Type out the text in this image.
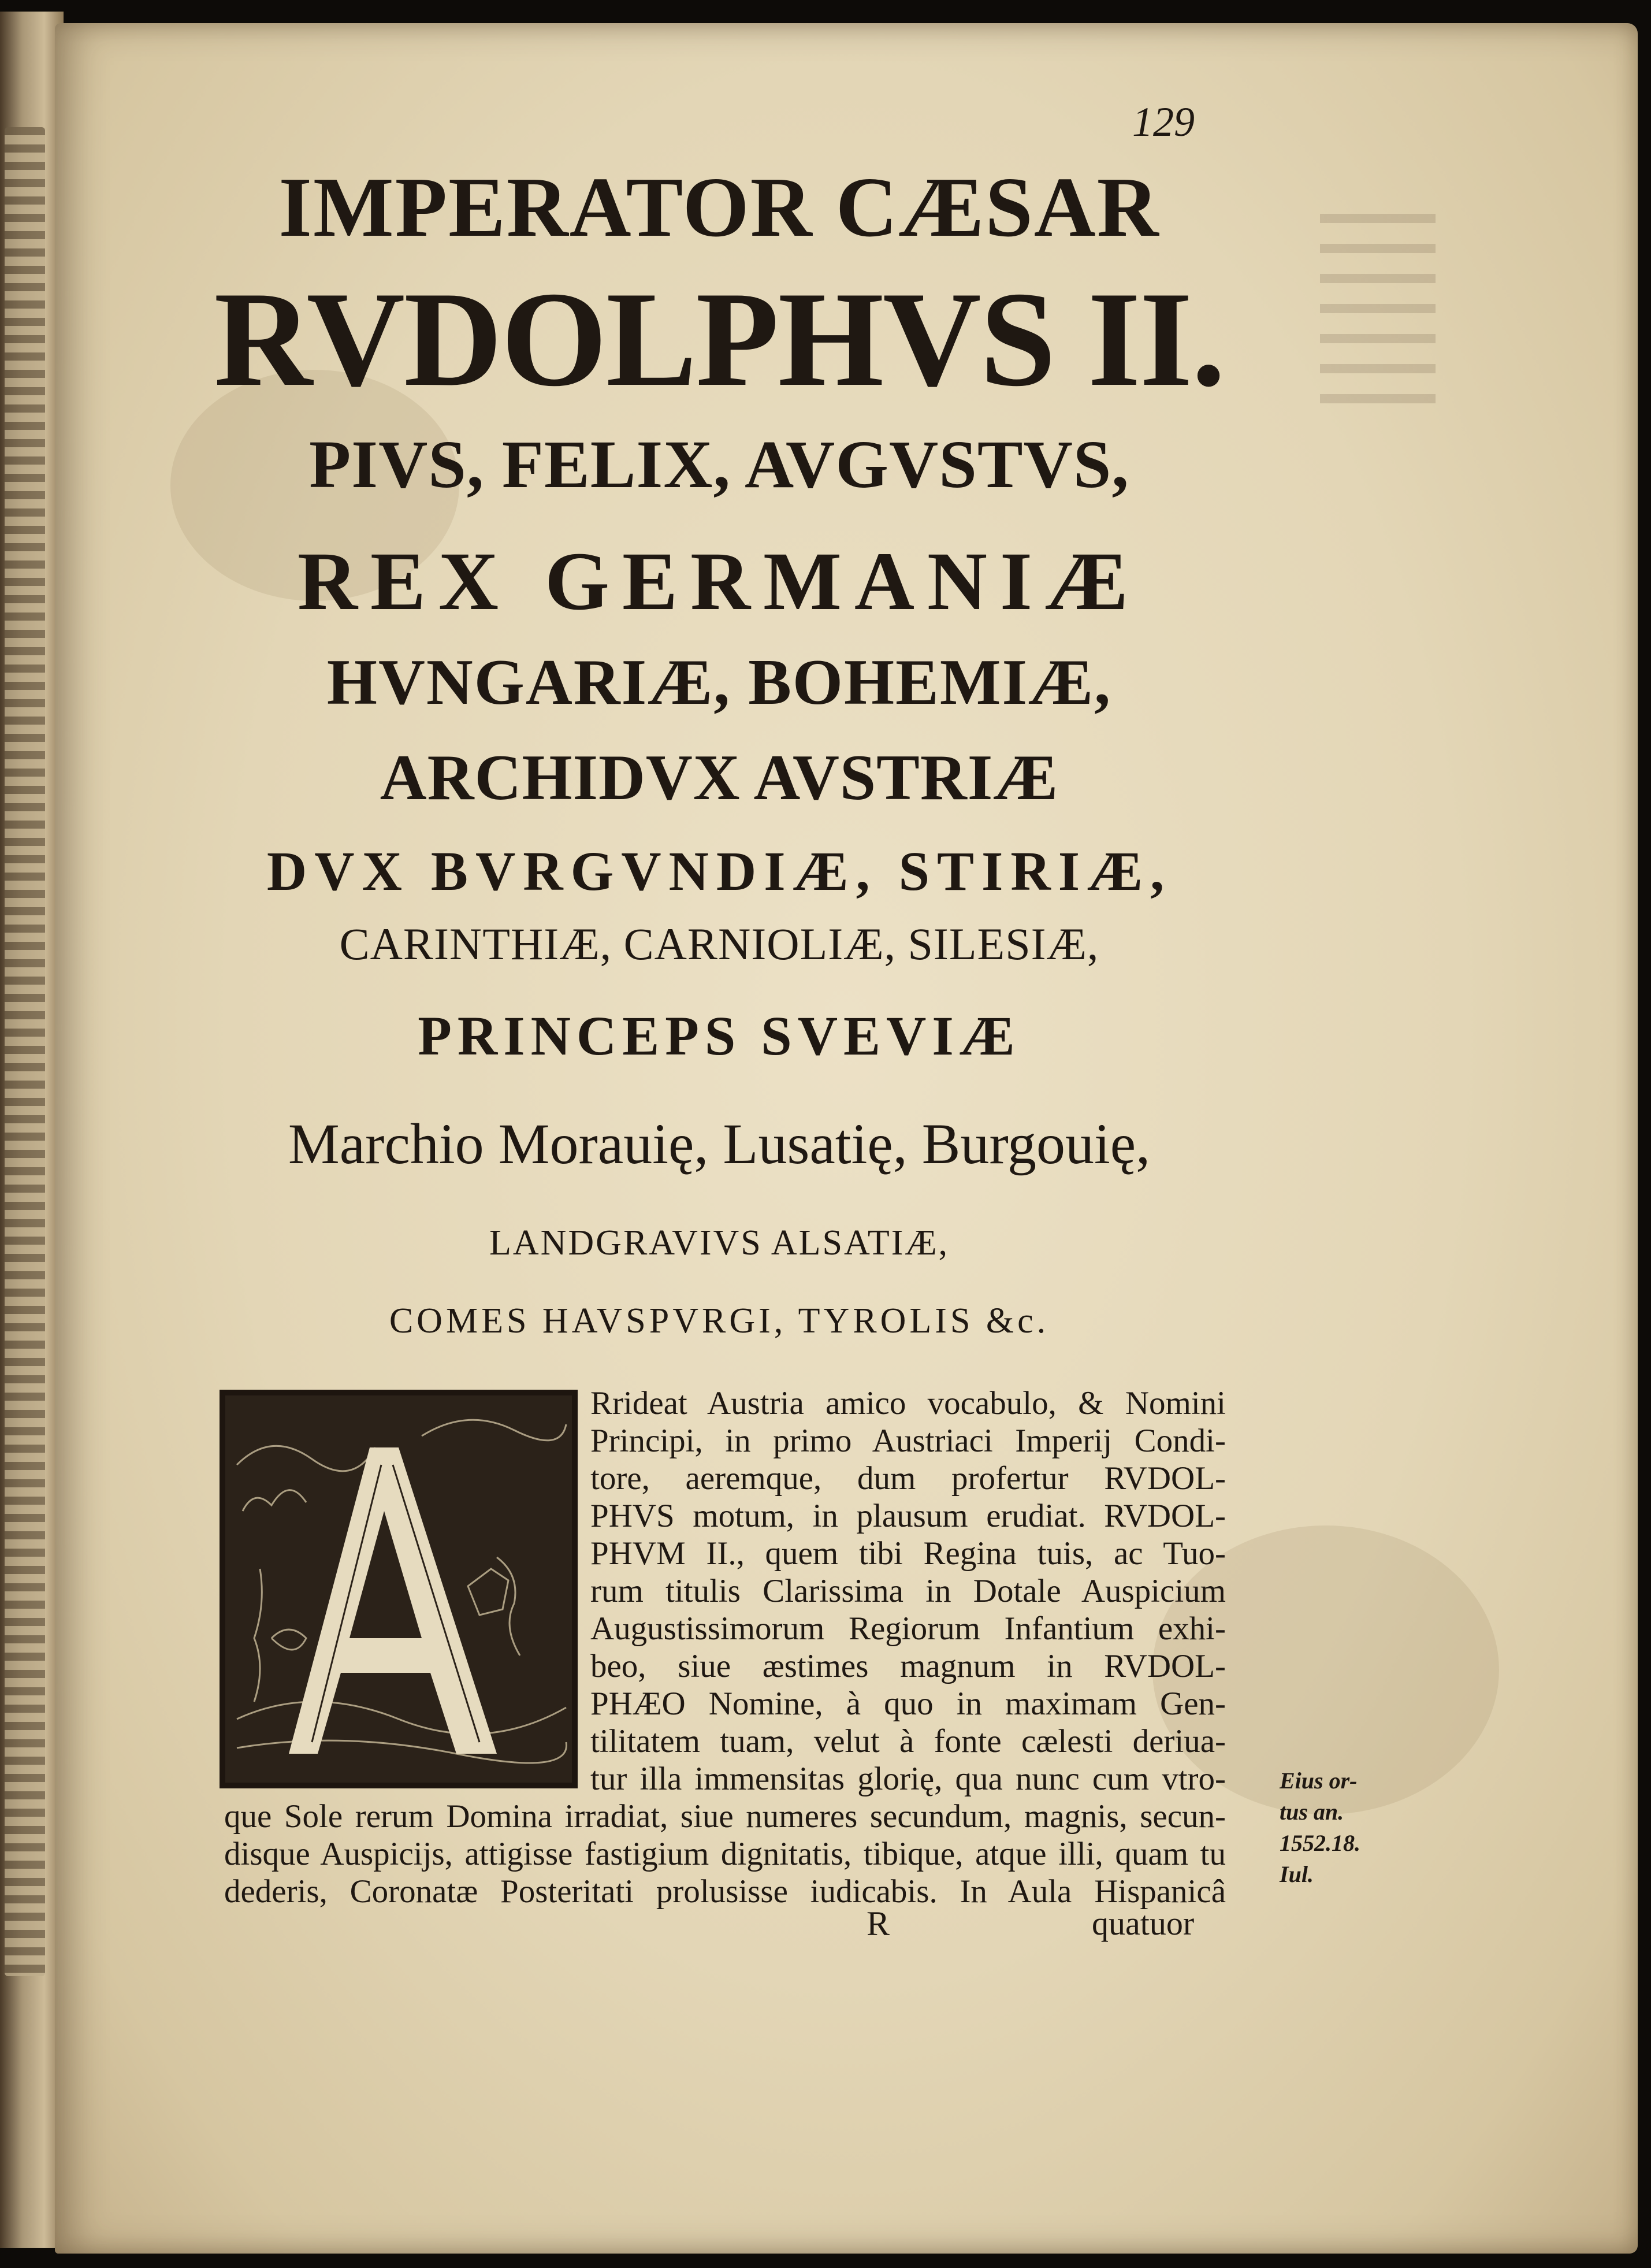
129
IMPERATOR CÆSAR
RVDOLPHVS II.
PIVS, FELIX, AVGVSTVS,
REX GERMANIÆ
HVNGARIÆ, BOHEMIÆ,
ARCHIDVX AVSTRIÆ
DVX BVRGVNDIÆ, STIRIÆ,
CARINTHIÆ, CARNIOLIÆ, SILESIÆ,
PRINCEPS SVEVIÆ
Marchio Morauię, Lusatię, Burgouię,
LANDGRAVIVS ALSATIÆ,
COMES HAVSPVRGI, TYROLIS &c.
Rrideat Austria amico vocabulo, & Nomini
Principi, in primo Austriaci Imperij Condi-
tore, aeremque, dum profertur RVDOL-
PHVS motum, in plausum erudiat. RVDOL-
PHVM II., quem tibi Regina tuis, ac Tuo-
rum titulis Clarissima in Dotale Auspicium
Augustissimorum Regiorum Infantium exhi-
beo, siue æstimes magnum in RVDOL-
PHÆO Nomine, à quo in maximam Gen-
tilitatem tuam, velut à fonte cælesti deriua-
tur illa immensitas glorię, qua nunc cum vtro-
que Sole rerum Domina irradiat, siue numeres secundum, magnis, secun-
disque Auspicijs, attigisse fastigium dignitatis, tibique, atque illi, quam tu
dederis, Coronatæ Posteritati prolusisse iudicabis. In Aula Hispanicâ
R	quatuor
Eius or-
tus an.
1552.18.
Iul.
